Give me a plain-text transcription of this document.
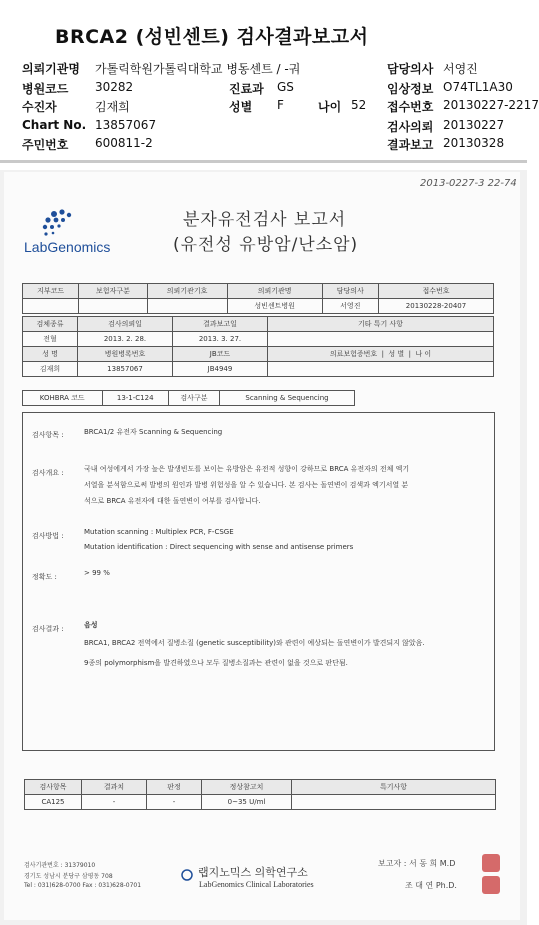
BRCA2 (성빈센트) 검사결과보고서
의뢰기관명 가톨릭학원가톨릭대학교 병동센트 / -궈	담당의사 서영진
병원코드 30282	진료과 GS	임상정보 O74TL1A30
수진자	김재희	성별 F	나이 52 접수번호 20130227-2217
Chart No. 13857067	검사의뢰 20130227
주민번호 600811-2	결과보고 20130328
LabGenomics
분자유전검사 보고서
(유전성 유방암/난소암)
2013-0227-3 22-74
지부코드	보험자구분	의뢰기관기호	의뢰기관명	담당의사	접수번호
			성빈센트병원	서영진	20130228-20407
검체종류	검사의뢰일	결과보고일	기타 특기 사항
전혈	2013. 2. 28.	2013. 3. 27.	
성 명	병원병록번호	JB코드	의료보험증번호  |  성 별  |  나 이
김재희	13857067	JB4949	
KOHBRA 코드	13-1-C124	검사구분	Scanning & Sequencing
검사항목 :	BRCA1/2 유전자 Scanning & Sequencing
검사개요 :	국내 여성에게서 가장 높은 발생빈도를 보이는 유방암은 유전적 성향이 강하므로 BRCA 유전자의 전체 엑기
서열을 분석함으로써 발병의 원인과 발병 위험성을 알 수 있습니다. 본 검사는 돌연변이 검색과 엑기서열 분
석으로 BRCA 유전자에 대한 돌연변이 여부를 검사합니다.
검사방법 :	Mutation scanning : Multiplex PCR, F-CSGE
Mutation identification : Direct sequencing with sense and antisense primers
정확도 :	> 99 %
검사결과 :	음성
BRCA1, BRCA2 전역에서 질병소질 (genetic susceptibility)와 관련이 예상되는 돌연변이가 발견되지 않았음.
9종의 polymorphism을 발견하였으나 모두 질병소질과는 관련이 없을 것으로 판단됨.
검사항목	결과치	판정	정상참고치	특기사항
CA125	-	-	0~35 U/ml	
검사기관번호 : 31379010
경기도 성남시 분당구 삼평동 708
Tel : 031)628-0700 Fax : 031)628-0701
랩지노믹스 의학연구소
LabGenomics Clinical Laboratories
보고자 : 서 동 희 M.D
조 대 연 Ph.D.
